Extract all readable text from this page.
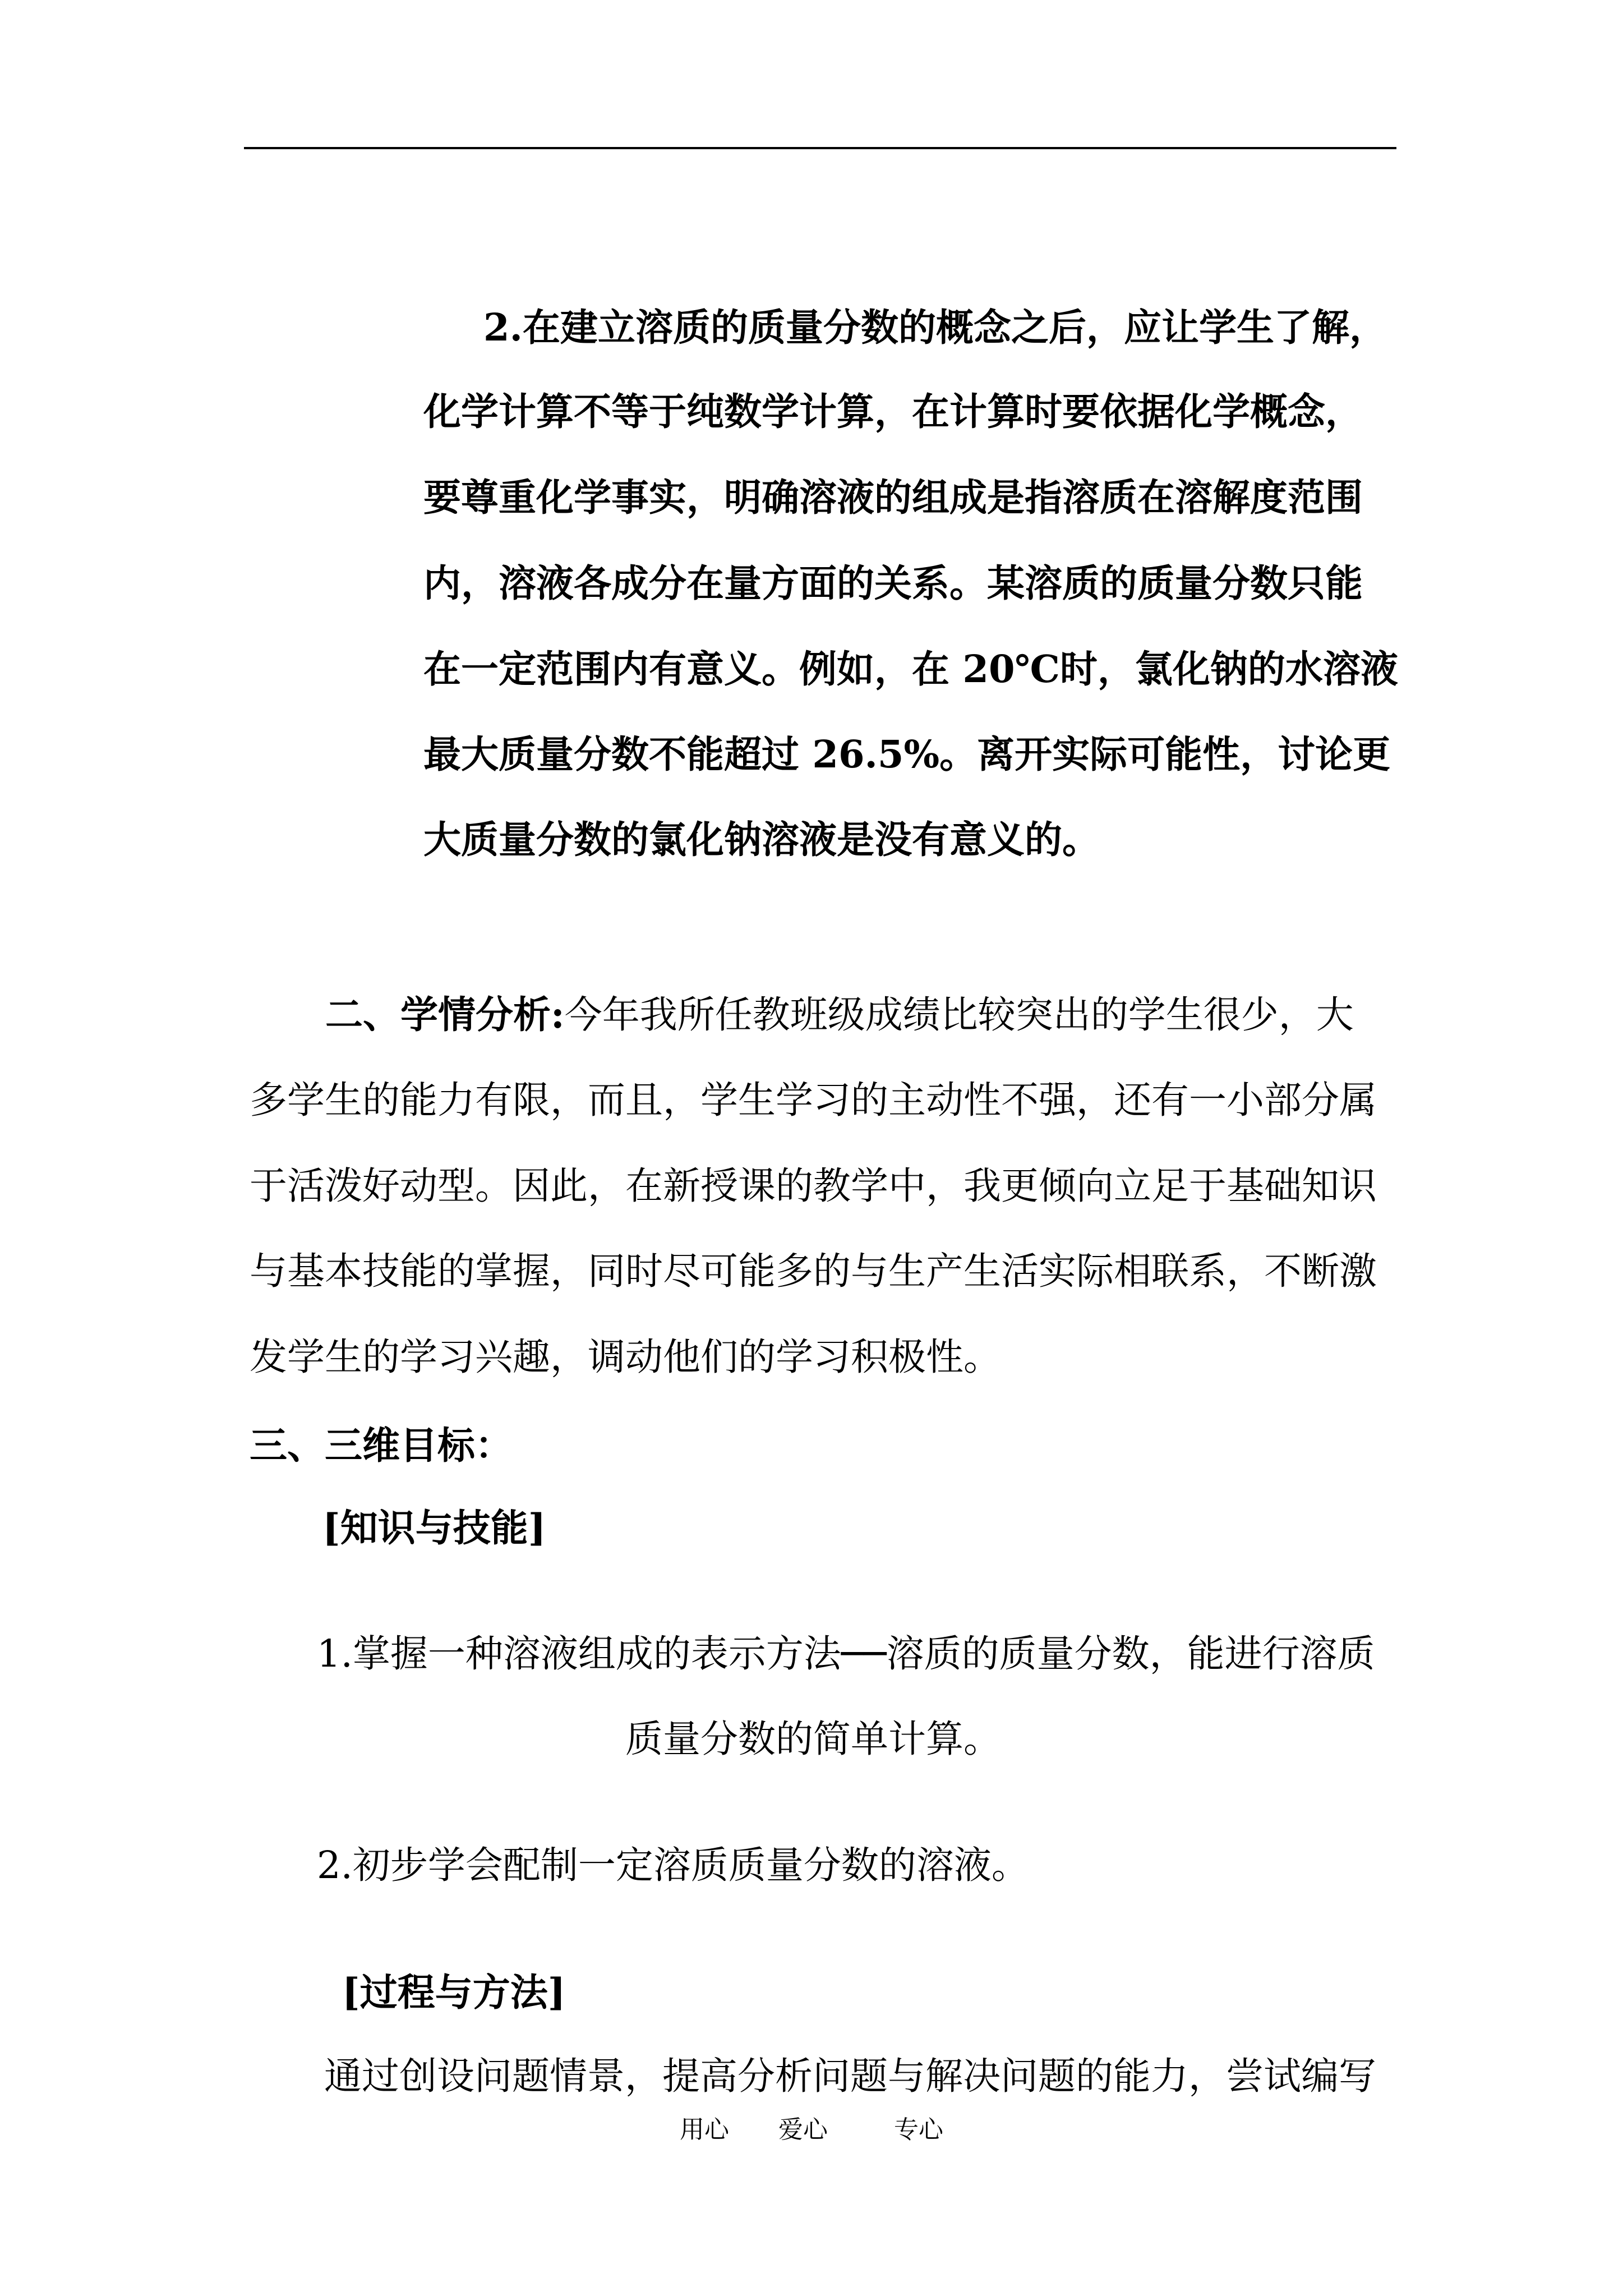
2.在建立溶质的质量分数的概念之后，应让学生了解，
化学计算不等于纯数学计算，在计算时要依据化学概念，
要尊重化学事实，明确溶液的组成是指溶质在溶解度范围
内，溶液各成分在量方面的关系。某溶质的质量分数只能
在一定范围内有意义。例如，在 20℃时，氯化钠的水溶液
最大质量分数不能超过 26.5%。离开实际可能性，讨论更
大质量分数的氯化钠溶液是没有意义的。
二、学情分析:今年我所任教班级成绩比较突出的学生很少，大
多学生的能力有限，而且，学生学习的主动性不强，还有一小部分属
于活泼好动型。因此，在新授课的教学中，我更倾向立足于基础知识
与基本技能的掌握，同时尽可能多的与生产生活实际相联系，不断激
发学生的学习兴趣，调动他们的学习积极性。
三、三维目标：
[知识与技能]
1.掌握一种溶液组成的表示方法──溶质的质量分数，能进行溶质
质量分数的简单计算。
2.初步学会配制一定溶质质量分数的溶液。
[过程与方法]
通过创设问题情景，提高分析问题与解决问题的能力，尝试编写
用心 爱心	专心
